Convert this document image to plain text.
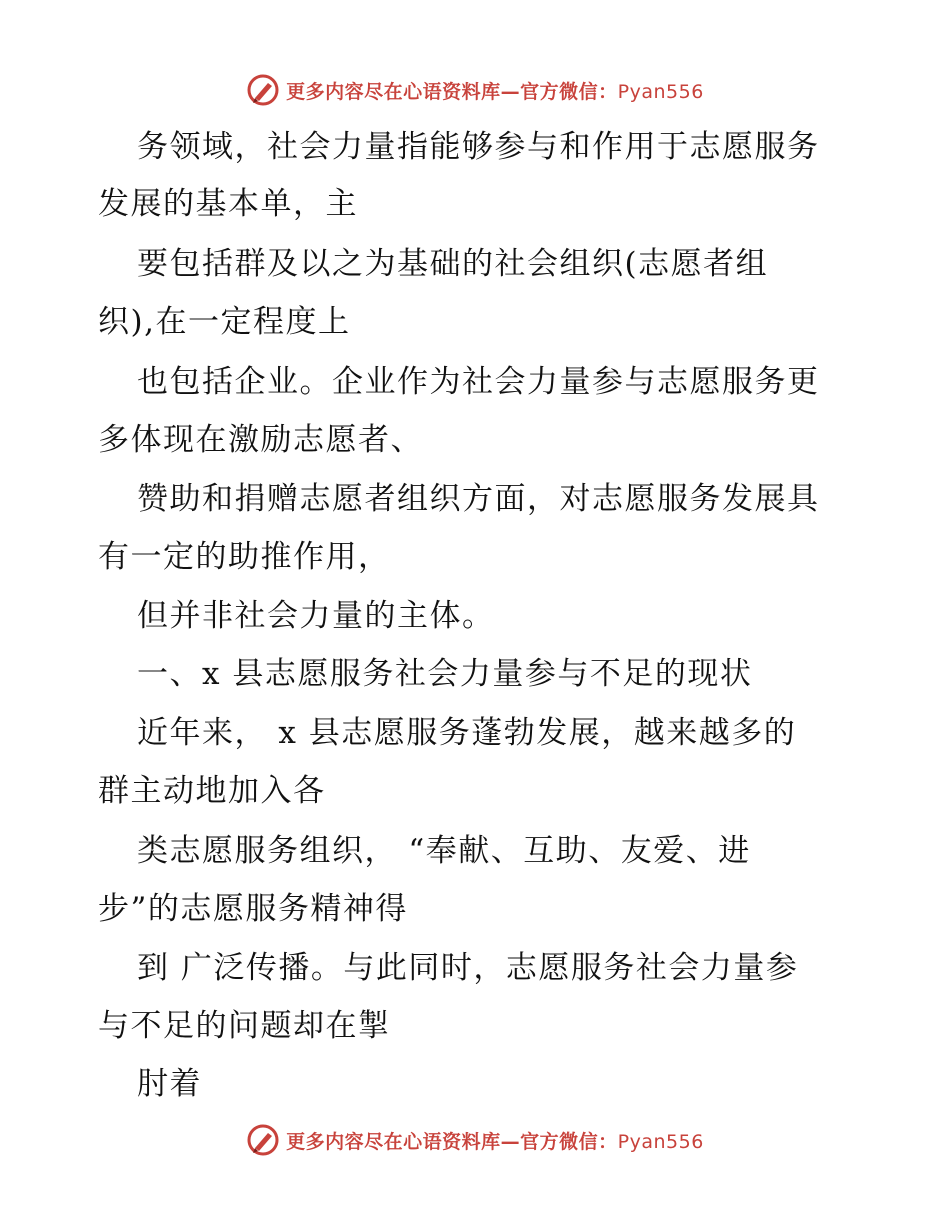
更多内容尽在心语资料库—官方微信：Pyan556
务领域，社会力量指能够参与和作用于志愿服务
发展的基本单，主
要包括群及以之为基础的社会组织(志愿者组
织),在一定程度上
也包括企业。企业作为社会力量参与志愿服务更
多体现在激励志愿者、
赞助和捐赠志愿者组织方面，对志愿服务发展具
有一定的助推作用，
但并非社会力量的主体。
一、x 县志愿服务社会力量参与不足的现状
近年来， x 县志愿服务蓬勃发展，越来越多的
群主动地加入各
类志愿服务组织， “奉献、互助、友爱、进
步”的志愿服务精神得
到 广泛传播。与此同时，志愿服务社会力量参
与不足的问题却在掣
肘着
更多内容尽在心语资料库—官方微信：Pyan556
